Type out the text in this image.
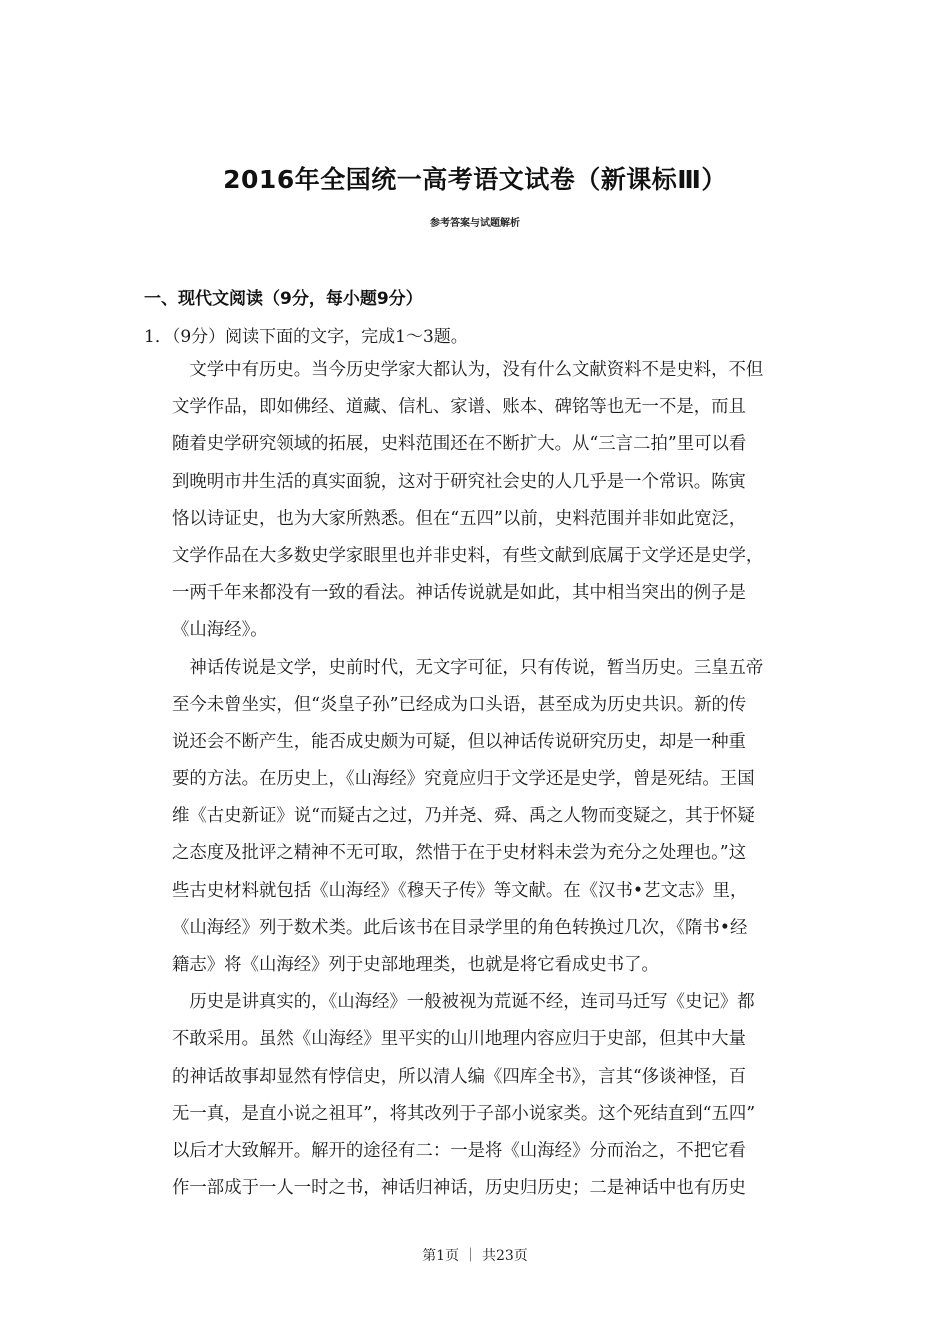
2016年全国统一高考语文试卷（新课标Ⅲ）
参考答案与试题解析
一、现代文阅读（9分，每小题9分）
1．（9分）阅读下面的文字，完成1～3题。
　文学中有历史。当今历史学家大都认为，没有什么文献资料不是史料，不但
文学作品，即如佛经、道藏、信札、家谱、账本、碑铭等也无一不是，而且
随着史学研究领域的拓展，史料范围还在不断扩大。从“三言二拍”里可以看
到晚明市井生活的真实面貌，这对于研究社会史的人几乎是一个常识。陈寅
恪以诗证史，也为大家所熟悉。但在“五四”以前，史料范围并非如此宽泛，
文学作品在大多数史学家眼里也并非史料，有些文献到底属于文学还是史学，
一两千年来都没有一致的看法。神话传说就是如此，其中相当突出的例子是
《山海经》。
　神话传说是文学，史前时代，无文字可征，只有传说，暂当历史。三皇五帝
至今未曾坐实，但“炎皇子孙”已经成为口头语，甚至成为历史共识。新的传
说还会不断产生，能否成史颇为可疑，但以神话传说研究历史，却是一种重
要的方法。在历史上，《山海经》究竟应归于文学还是史学，曾是死结。王国
维《古史新证》说“而疑古之过，乃并尧、舜、禹之人物而变疑之，其于怀疑
之态度及批评之精神不无可取，然惜于在于史材料未尝为充分之处理也。”这
些古史材料就包括《山海经》《穆天子传》等文献。在《汉书•艺文志》里，
《山海经》列于数术类。此后该书在目录学里的角色转换过几次，《隋书•经
籍志》将《山海经》列于史部地理类，也就是将它看成史书了。
　历史是讲真实的，《山海经》一般被视为荒诞不经，连司马迁写《史记》都
不敢采用。虽然《山海经》里平实的山川地理内容应归于史部，但其中大量
的神话故事却显然有悖信史，所以清人编《四库全书》，言其“侈谈神怪，百
无一真，是直小说之祖耳”，将其改列于子部小说家类。这个死结直到“五四”
以后才大致解开。解开的途径有二：一是将《山海经》分而治之，不把它看
作一部成于一人一时之书，神话归神话，历史归历史；二是神话中也有历史
第1页 ｜ 共23页
